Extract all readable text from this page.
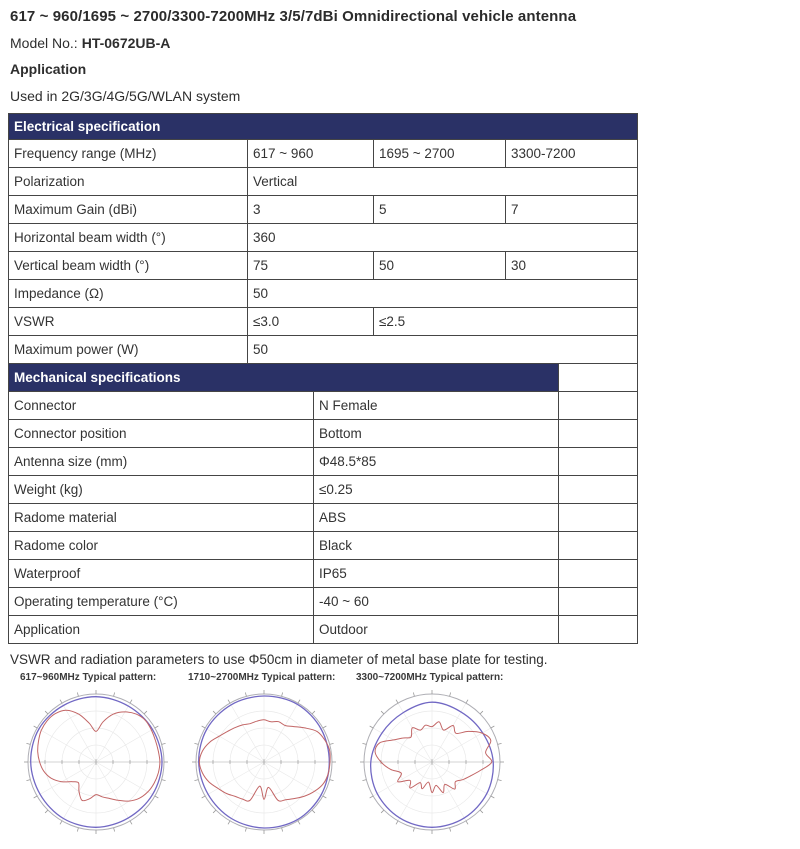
617 ~ 960/1695 ~ 2700/3300-7200MHz 3/5/7dBi Omnidirectional vehicle antenna
Model No.: HT-0672UB-A
Application
Used in 2G/3G/4G/5G/WLAN system
Electrical specification			
Frequency range (MHz)	617 ~ 960	1695 ~ 2700	3300-7200
Polarization	Vertical		
Maximum Gain (dBi)	3	5	7
Horizontal beam width (°)	360		
Vertical beam width (°)	75	50	30
Impedance (Ω)	50		
VSWR	≤3.0	≤2.5	
Maximum power (W)	50		
Mechanical specifications		
Connector	N Female	
Connector position	Bottom	
Antenna size (mm)	Φ48.5*85	
Weight (kg)	≤0.25	
Radome material	ABS	
Radome color	Black	
Waterproof	IP65	
Operating temperature (°C)	-40 ~ 60	
Application	Outdoor	
VSWR and radiation parameters to use Φ50cm in diameter of metal base plate for testing.
617~960MHz Typical pattern:	1710~2700MHz Typical pattern:	3300~7200MHz Typical pattern:
